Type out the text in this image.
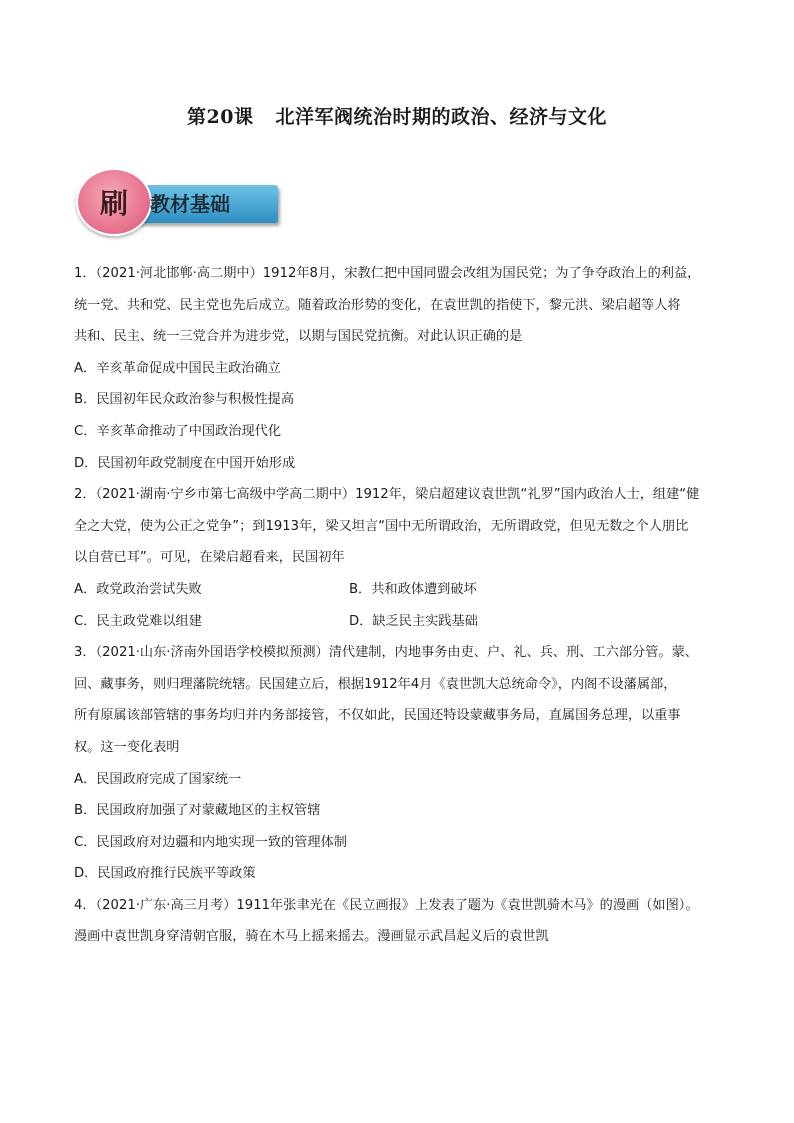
第20课 北洋军阀统治时期的政治、经济与文化
刷 教材基础
1．（2021·河北邯郸·高二期中）1912年8月，宋教仁把中国同盟会改组为国民党；为了争夺政治上的利益，
统一党、共和党、民主党也先后成立。随着政治形势的变化，在袁世凯的指使下，黎元洪、梁启超等人将
共和、民主、统一三党合并为进步党，以期与国民党抗衡。对此认识正确的是
A．辛亥革命促成中国民主政治确立
B．民国初年民众政治参与积极性提高
C．辛亥革命推动了中国政治现代化
D．民国初年政党制度在中国开始形成
2．（2021·湖南·宁乡市第七高级中学高二期中）1912年，梁启超建议袁世凯“礼罗”国内政治人士，组建“健
全之大党，使为公正之党争”；到1913年，梁又坦言“国中无所谓政治，无所谓政党，但见无数之个人朋比
以自营已耳”。可见，在梁启超看来，民国初年
A．政党政治尝试失败	B．共和政体遭到破坏
C．民主政党难以组建	D．缺乏民主实践基础
3．（2021·山东·济南外国语学校模拟预测）清代建制，内地事务由吏、户、礼、兵、刑、工六部分管。蒙、
回、藏事务，则归理藩院统辖。民国建立后，根据1912年4月《袁世凯大总统命令》，内阁不设藩属部，
所有原属该部管辖的事务均归并内务部接管，不仅如此，民国还特设蒙藏事务局，直属国务总理，以重事
权。这一变化表明
A．民国政府完成了国家统一
B．民国政府加强了对蒙藏地区的主权管辖
C．民国政府对边疆和内地实现一致的管理体制
D．民国政府推行民族平等政策
4．（2021·广东·高三月考）1911年张聿光在《民立画报》上发表了题为《袁世凯骑木马》的漫画（如图）。
漫画中袁世凯身穿清朝官服，骑在木马上摇来摇去。漫画显示武昌起义后的袁世凯
